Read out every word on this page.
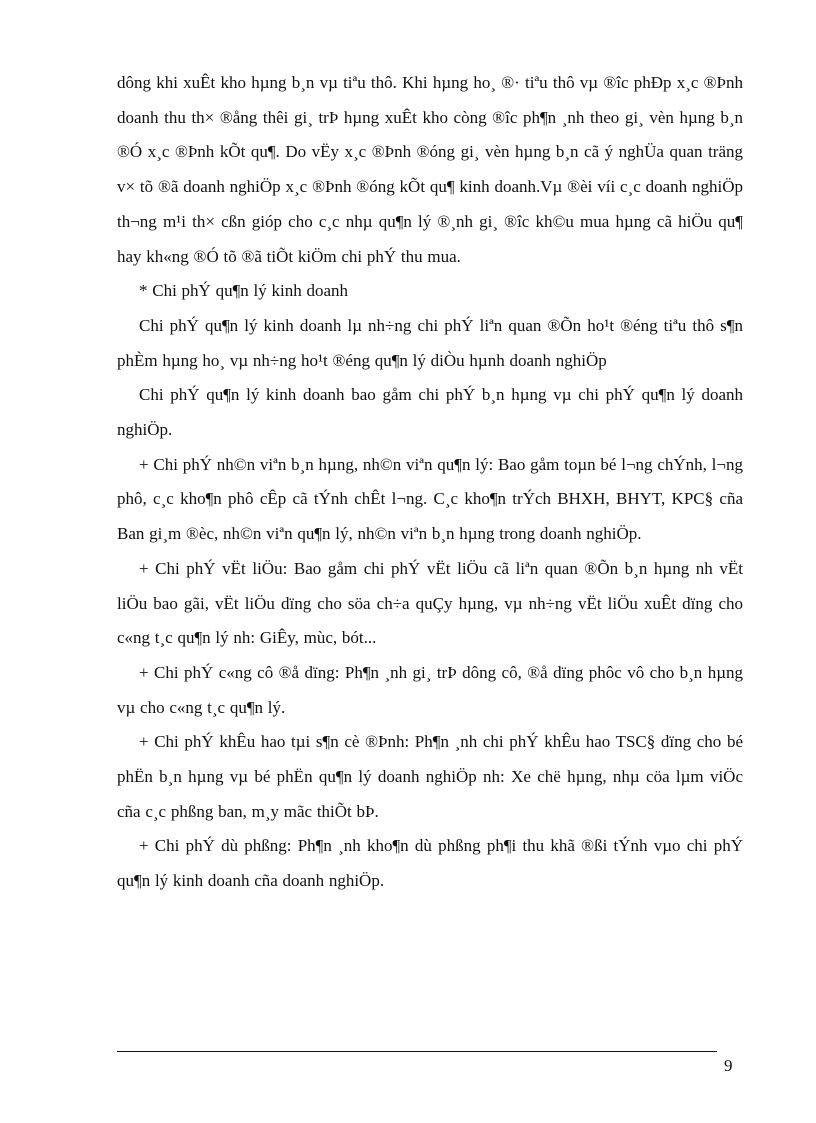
dông khi xuÊt kho hµng b¸n vµ tiªu thô. Khi hµng ho¸ ®· tiªu thô vµ ®îc phÐp x¸c ®Þnh doanh thu th× ®ång thêi gi¸ trÞ hµng xuÊt kho còng ®îc ph¶n ¸nh theo gi¸ vèn hµng b¸n ®Ó x¸c ®Þnh kÕt qu¶. Do vËy x¸c ®Þnh ®óng gi¸ vèn hµng b¸n cã ý nghÜa quan träng v× tõ ®ã doanh nghiÖp x¸c ®Þnh ®óng kÕt qu¶ kinh doanh.Vµ ®èi víi c¸c doanh nghiÖp th¬ng m¹i th× cßn gióp cho c¸c nhµ qu¶n lý ®¸nh gi¸ ®îc kh©u mua hµng cã hiÖu qu¶ hay kh«ng ®Ó tõ ®ã tiÕt kiÖm chi phÝ thu mua.

* Chi phÝ qu¶n lý kinh doanh

Chi phÝ qu¶n lý kinh doanh lµ nh÷ng chi phÝ liªn quan ®Õn ho¹t ®éng tiªu thô s¶n phÈm hµng ho¸ vµ nh÷ng ho¹t ®éng qu¶n lý diÒu hµnh doanh nghiÖp

Chi phÝ qu¶n lý kinh doanh bao gåm chi phÝ b¸n hµng vµ chi phÝ qu¶n lý doanh nghiÖp.

+ Chi phÝ nh©n viªn b¸n hµng, nh©n viªn qu¶n lý: Bao gåm toµn bé l¬ng chÝnh, l¬ng phô, c¸c kho¶n phô cÊp cã tÝnh chÊt l¬ng. C¸c kho¶n trÝch BHXH, BHYT, KPC§ cña Ban gi¸m ®èc, nh©n viªn qu¶n lý, nh©n viªn b¸n hµng trong doanh nghiÖp.

+ Chi phÝ vËt liÖu: Bao gåm chi phÝ vËt liÖu cã liªn quan ®Õn b¸n hµng nh vËt liÖu bao gãi, vËt liÖu dïng cho söa ch÷a quÇy hµng, vµ nh÷ng vËt liÖu xuÊt dïng cho c«ng t¸c qu¶n lý nh: GiÊy, mùc, bót...

+ Chi phÝ c«ng cô ®å dïng: Ph¶n ¸nh gi¸ trÞ dông cô, ®å dïng phôc vô cho b¸n hµng vµ cho c«ng t¸c qu¶n lý.

+ Chi phÝ khÊu hao tµi s¶n cè ®Þnh: Ph¶n ¸nh chi phÝ khÊu hao TSC§ dïng cho bé phËn b¸n hµng vµ bé phËn qu¶n lý doanh nghiÖp nh: Xe chë hµng, nhµ cöa lµm viÖc cña c¸c phßng ban, m¸y mãc thiÕt bÞ.

+ Chi phÝ dù phßng: Ph¶n ¸nh kho¶n dù phßng ph¶i thu khã ®ßi tÝnh vµo chi phÝ qu¶n lý kinh doanh cña doanh nghiÖp.

9
